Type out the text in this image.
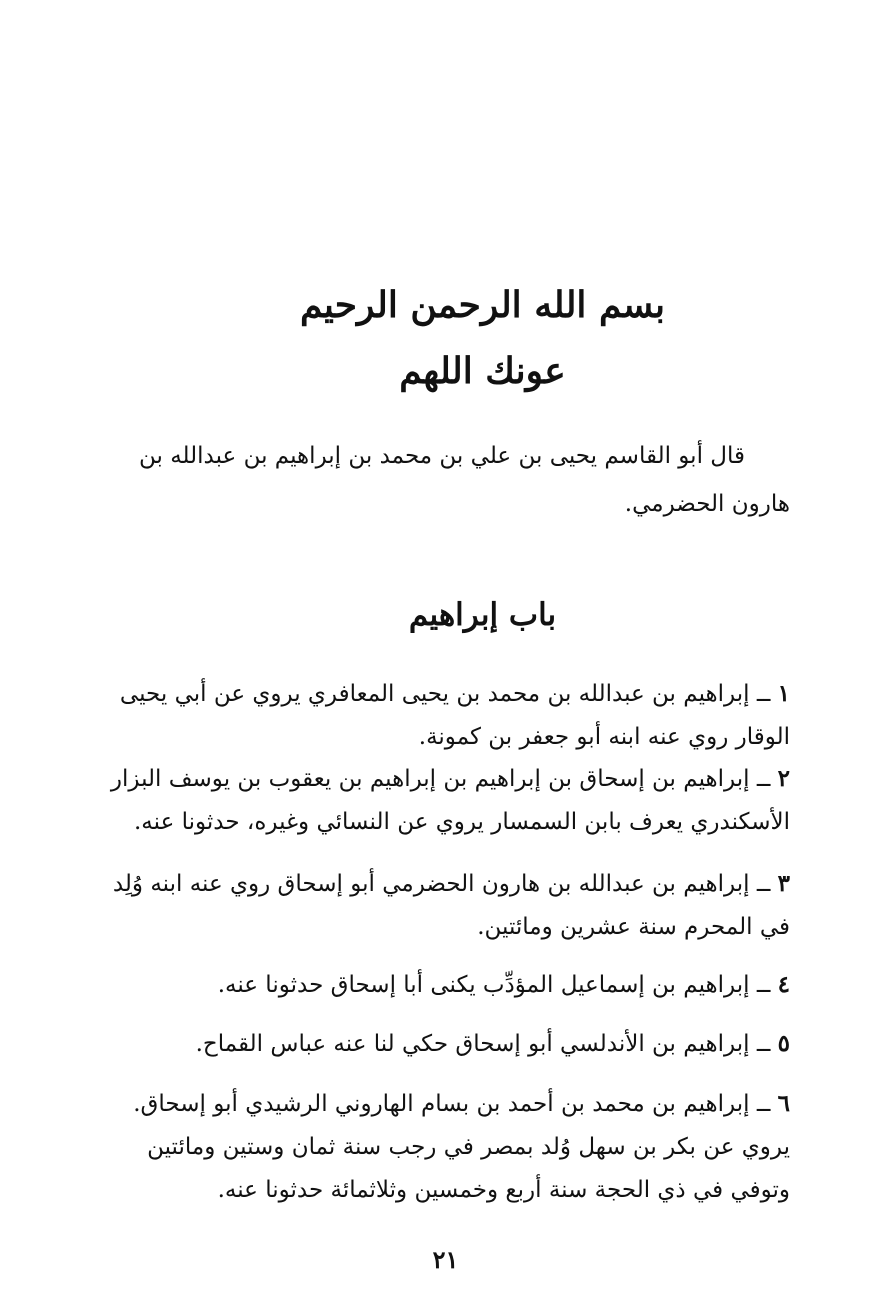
بسم الله الرحمن الرحيم
عونك اللهم
قال أبو القاسم يحيى بن علي بن محمد بن إبراهيم بن عبدالله بن
هارون الحضرمي.
باب إبراهيم
١ ــ إبراهيم بن عبدالله بن محمد بن يحيى المعافري يروي عن أبي يحيى الوقار روي عنه ابنه أبو جعفر بن كمونة.
٢ ــ إبراهيم بن إسحاق بن إبراهيم بن إبراهيم بن يعقوب بن يوسف البزار الأسكندري يعرف بابن السمسار يروي عن النسائي وغيره، حدثونا عنه.
٣ ــ إبراهيم بن عبدالله بن هارون الحضرمي أبو إسحاق روي عنه ابنه وُلِد في المحرم سنة عشرين ومائتين.
٤ ــ إبراهيم بن إسماعيل المؤدِّب يكنى أبا إسحاق حدثونا عنه.
٥ ــ إبراهيم بن الأندلسي أبو إسحاق حكي لنا عنه عباس القماح.
٦ ــ إبراهيم بن محمد بن أحمد بن بسام الهاروني الرشيدي أبو إسحاق. يروي عن بكر بن سهل وُلد بمصر في رجب سنة ثمان وستين ومائتين وتوفي في ذي الحجة سنة أربع وخمسين وثلاثمائة حدثونا عنه.
٢١
